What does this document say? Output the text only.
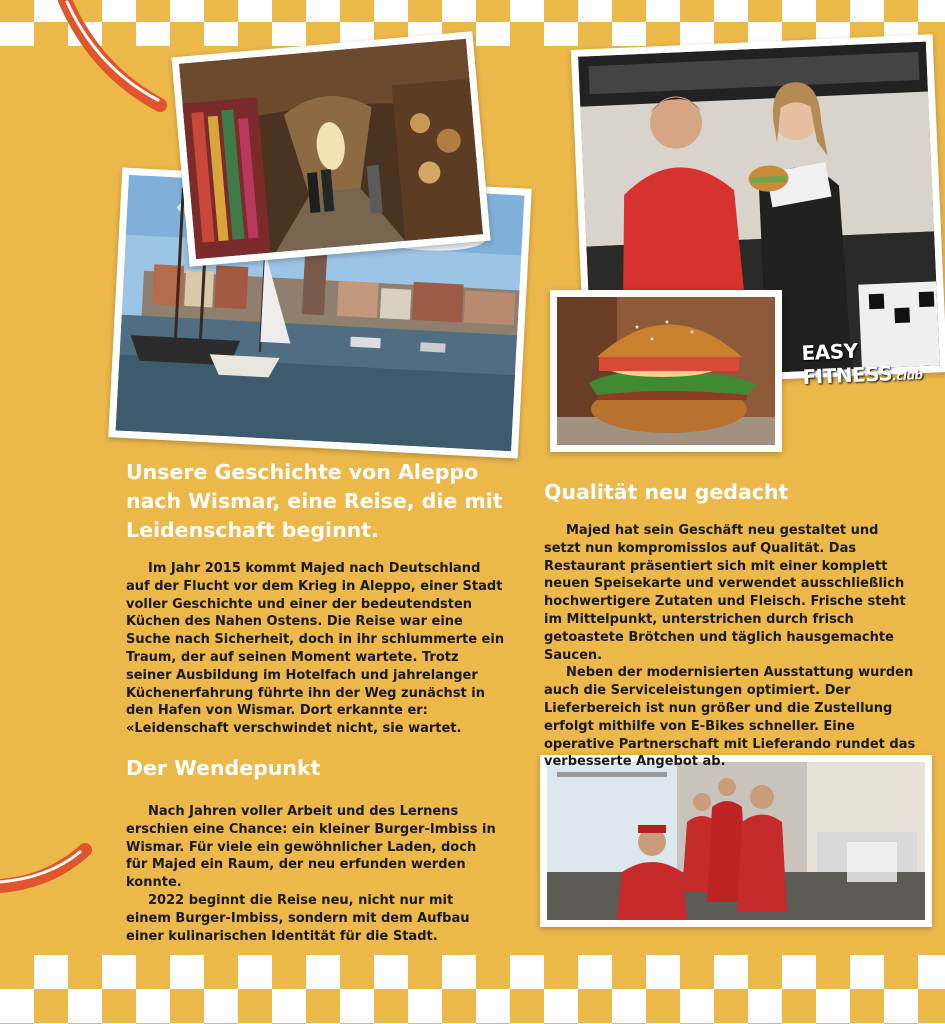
EASY FITNESS.club
Unsere Geschichte von Aleppo nach Wismar, eine Reise, die mit Leidenschaft beginnt.

Im Jahr 2015 kommt Majed nach Deutschland auf der Flucht vor dem Krieg in Aleppo, einer Stadt voller Geschichte und einer der bedeutendsten Küchen des Nahen Ostens. Die Reise war eine Suche nach Sicherheit, doch in ihr schlummerte ein Traum, der auf seinen Moment wartete. Trotz seiner Ausbildung im Hotelfach und jahrelanger Küchenerfahrung führte ihn der Weg zunächst in den Hafen von Wismar. Dort erkannte er: «Leidenschaft verschwindet nicht, sie wartet.

Der Wendepunkt

Nach Jahren voller Arbeit und des Lernens erschien eine Chance: ein kleiner Burger-Imbiss in Wismar. Für viele ein gewöhnlicher Laden, doch für Majed ein Raum, der neu erfunden werden konnte.

2022 beginnt die Reise neu, nicht nur mit einem Burger-Imbiss, sondern mit dem Aufbau einer kulinarischen Identität für die Stadt.

Qualität neu gedacht

Majed hat sein Geschäft neu gestaltet und setzt nun kompromisslos auf Qualität. Das Restaurant präsentiert sich mit einer komplett neuen Speisekarte und verwendet ausschließlich hochwertigere Zutaten und Fleisch. Frische steht im Mittelpunkt, unterstrichen durch frisch getoastete Brötchen und täglich hausgemachte Saucen.

Neben der modernisierten Ausstattung wurden auch die Serviceleistungen optimiert. Der Lieferbereich ist nun größer und die Zustellung erfolgt mithilfe von E-Bikes schneller. Eine operative Partnerschaft mit Lieferando rundet das verbesserte Angebot ab.
